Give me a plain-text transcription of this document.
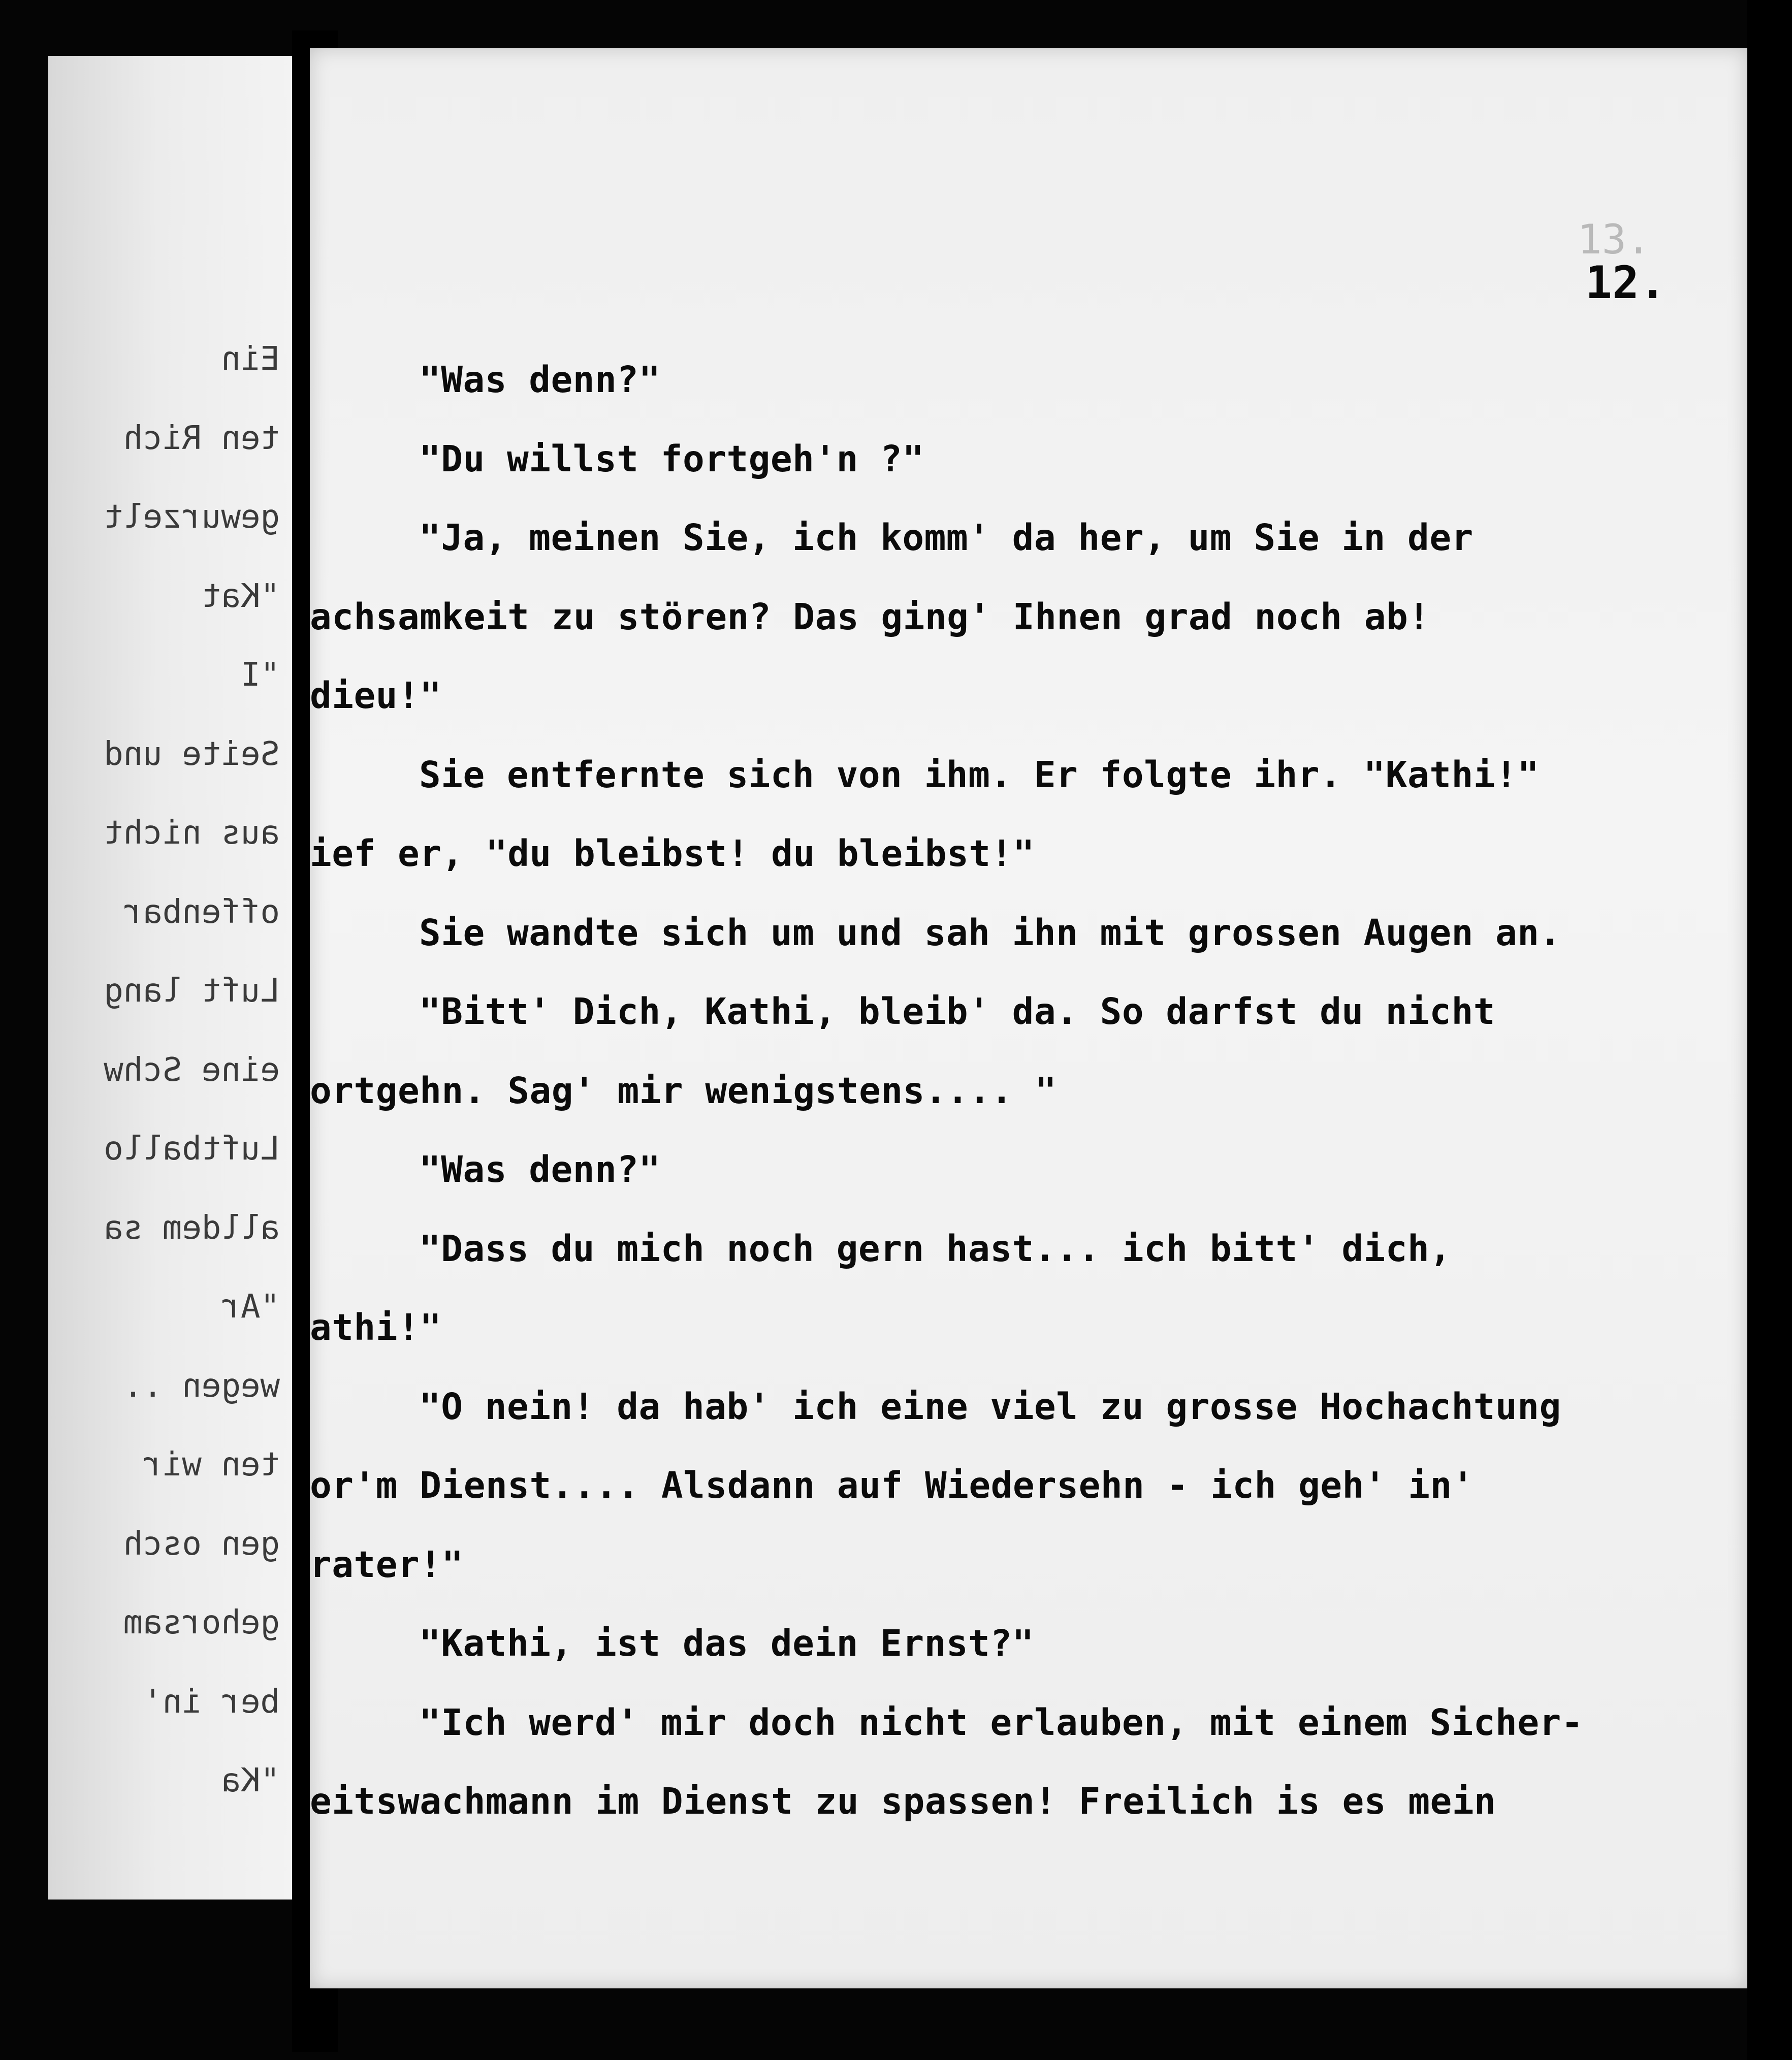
Ein
ten Rich
gewurzelt
"Kat
"I
Seite und
aus nicht
offenbar
Luft lang
eine Schw
Luftballo
alldem sa
"Ar
wegen ..
ten wir
gen osch
gehorsam
ber in'
"Ka
13.
12.
"Was denn?"
"Du willst fortgeh'n ?"
"Ja, meinen Sie, ich komm' da her, um Sie in der
achsamkeit zu stören? Das ging' Ihnen grad noch ab!
dieu!"
Sie entfernte sich von ihm. Er folgte ihr. "Kathi!"
ief er, "du bleibst! du bleibst!"
Sie wandte sich um und sah ihn mit grossen Augen an.
"Bitt' Dich, Kathi, bleib' da. So darfst du nicht
ortgehn. Sag' mir wenigstens.... "
"Was denn?"
"Dass du mich noch gern hast... ich bitt' dich,
athi!"
"O nein! da hab' ich eine viel zu grosse Hochachtung
or'm Dienst.... Alsdann auf Wiedersehn - ich geh' in'
rater!"
"Kathi, ist das dein Ernst?"
"Ich werd' mir doch nicht erlauben, mit einem Sicher-
eitswachmann im Dienst zu spassen! Freilich is es mein
